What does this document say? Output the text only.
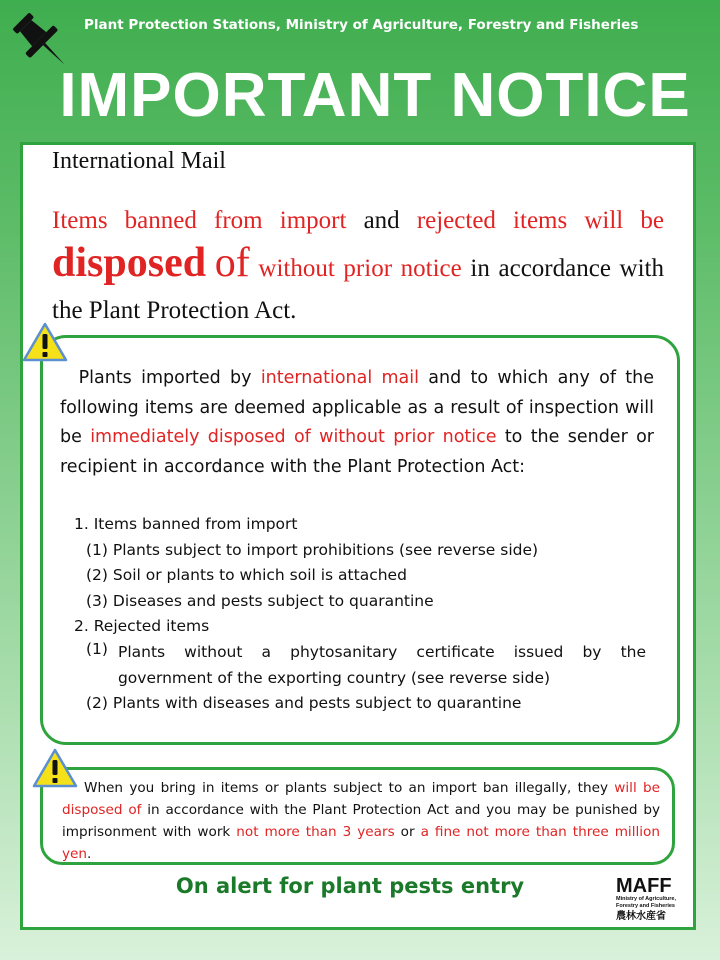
Plant Protection Stations, Ministry of Agriculture, Forestry and Fisheries
IMPORTANT NOTICE
International Mail
Items banned from import and rejected items will be disposed of without prior notice in accordance with the Plant Protection Act.

Plants imported by international mail and to which any of the following items are deemed applicable as a result of inspection will be immediately disposed of without prior notice to the sender or recipient in accordance with the Plant Protection Act:

1. Items banned from import
(1) Plants subject to import prohibitions (see reverse side)
(2) Soil or plants to which soil is attached
(3) Diseases and pests subject to quarantine
2. Rejected items
(1) Plants without a phytosanitary certificate issued by the government of the exporting country (see reverse side)
(2) Plants with diseases and pests subject to quarantine

When you bring in items or plants subject to an import ban illegally, they will be disposed of in accordance with the Plant Protection Act and you may be punished by imprisonment with work not more than 3 years or a fine not more than three million yen.

On alert for plant pests entry	MAFF
Ministry of Agriculture,
Forestry and Fisheries
農林水産省
